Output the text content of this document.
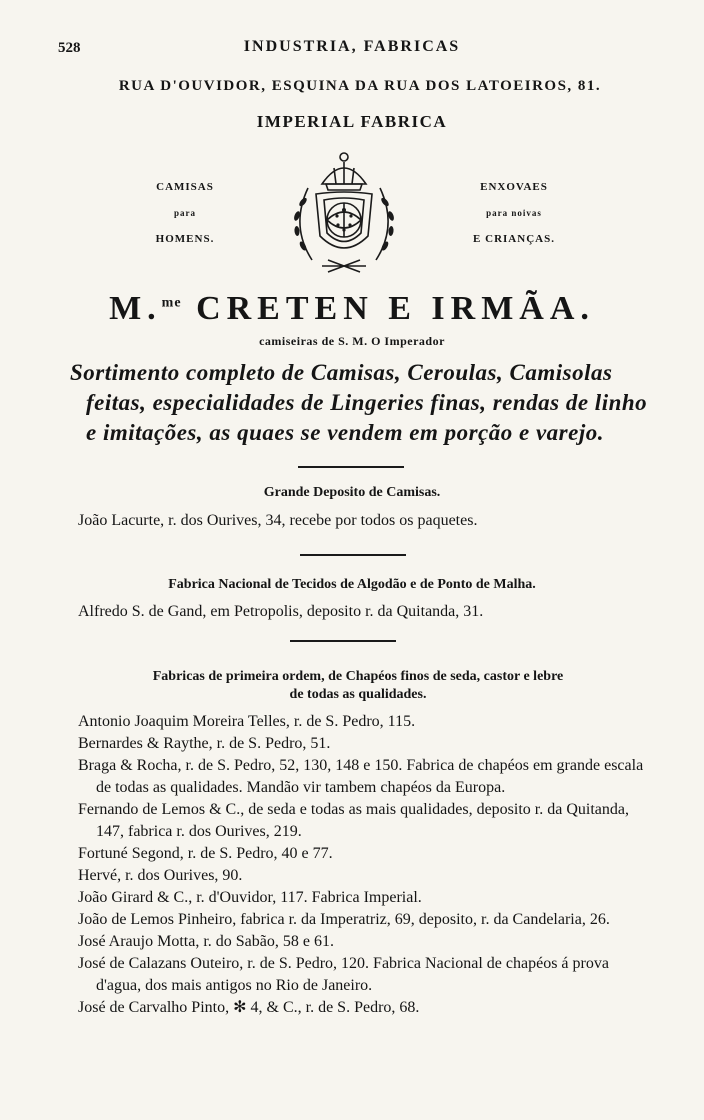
528	INDUSTRIA, FABRICAS
RUA D'OUVIDOR, ESQUINA DA RUA DOS LATOEIROS, 81.
IMPERIAL FABRICA
CAMISAS
para
HOMENS.
ENXOVAES
para noivas
E CRIANÇAS.
M.$^{me}$ CRETEN E IRMÃA.
camiseiras de S. M. O Imperador
Sortimento completo de Camisas, Ceroulas, Camisolas
feitas, especialidades de Lingeries finas, rendas de linho
e imitações, as quaes se vendem em porção e varejo.
Grande Deposito de Camisas.
João Lacurte, r. dos Ourives, 34, recebe por todos os paquetes.
Fabrica Nacional de Tecidos de Algodão e de Ponto de Malha.
Alfredo S. de Gand, em Petropolis, deposito r. da Quitanda, 31.
Fabricas de primeira ordem, de Chapéos finos de seda, castor e lebre
de todas as qualidades.

Antonio Joaquim Moreira Telles, r. de S. Pedro, 115.

Bernardes & Raythe, r. de S. Pedro, 51.

Braga & Rocha, r. de S. Pedro, 52, 130, 148 e 150. Fabrica de chapéos em grande escala de todas as qualidades. Mandão vir tambem chapéos da Europa.

Fernando de Lemos & C., de seda e todas as mais qualidades, deposito r. da Quitanda, 147, fabrica r. dos Ourives, 219.

Fortuné Segond, r. de S. Pedro, 40 e 77.

Hervé, r. dos Ourives, 90.

João Girard & C., r. d'Ouvidor, 117. Fabrica Imperial.

João de Lemos Pinheiro, fabrica r. da Imperatriz, 69, deposito, r. da Candelaria, 26.

José Araujo Motta, r. do Sabão, 58 e 61.

José de Calazans Outeiro, r. de S. Pedro, 120. Fabrica Nacional de chapéos á prova d'agua, dos mais antigos no Rio de Janeiro.

José de Carvalho Pinto, ✻ 4, & C., r. de S. Pedro, 68.
